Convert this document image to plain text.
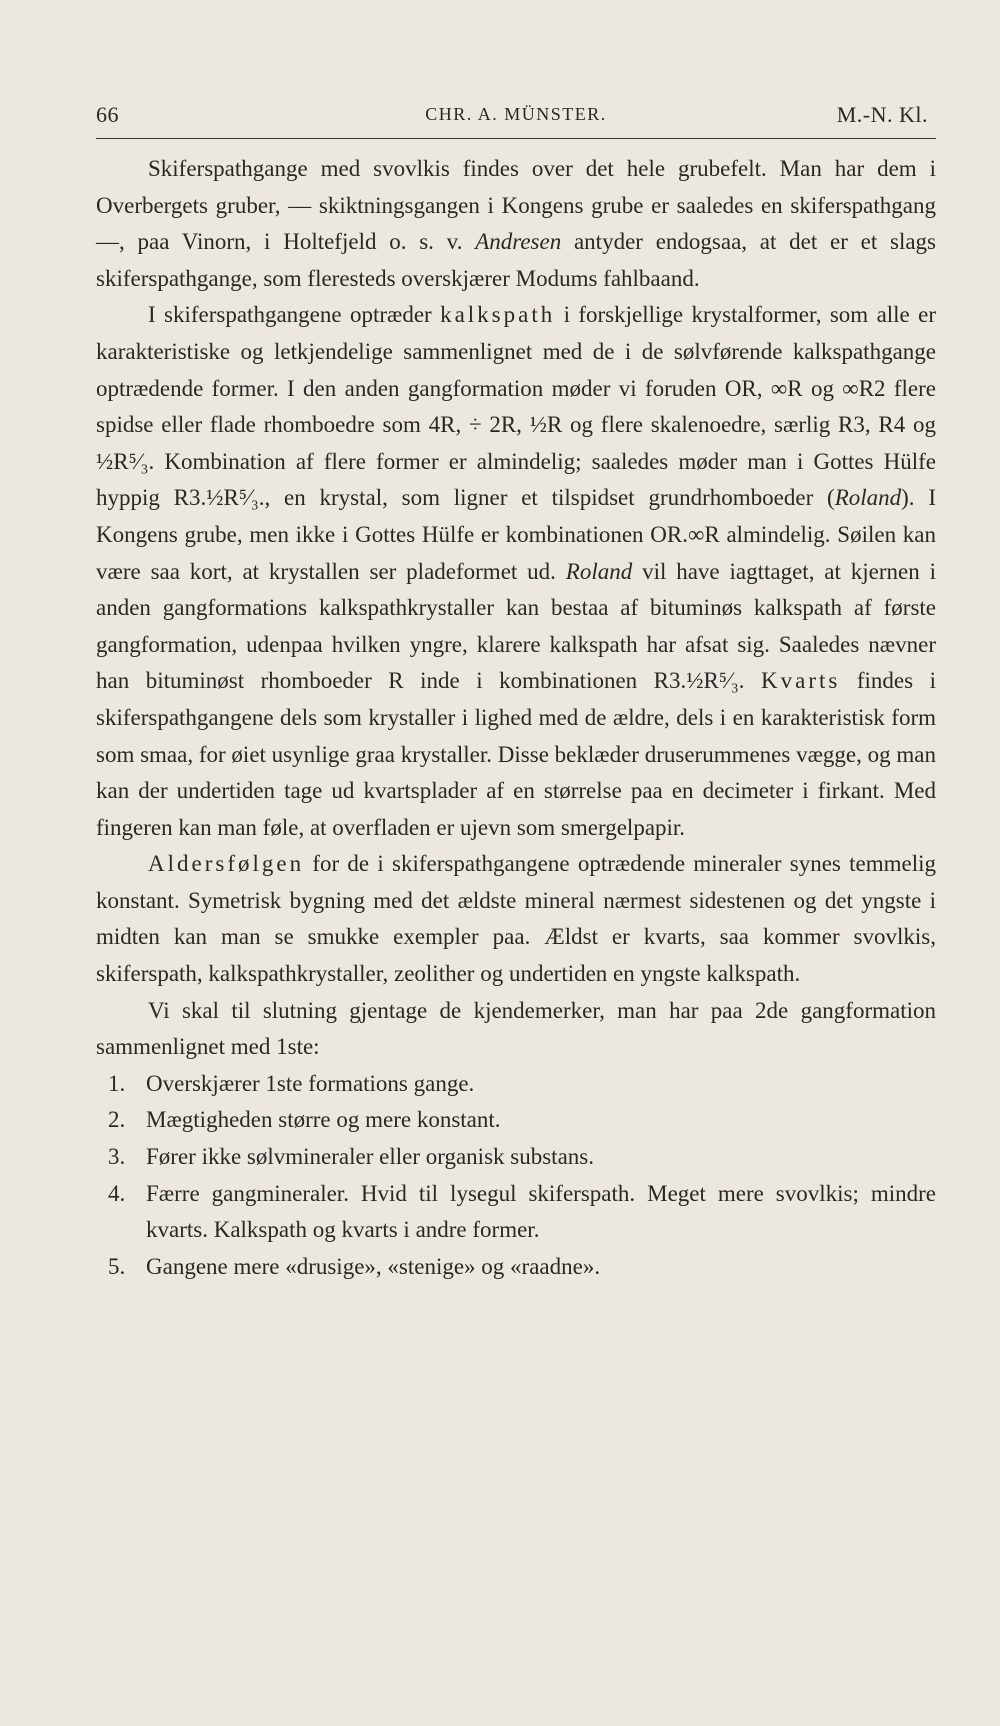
66	CHR. A. MÜNSTER.	M.-N. Kl.

Skiferspathgange med svovlkis findes over det hele grubefelt. Man har dem i Overbergets gruber, — skiktningsgangen i Kongens grube er saaledes en skiferspathgang —, paa Vinorn, i Holtefjeld o. s. v. Andresen antyder endogsaa, at det er et slags skiferspathgange, som fleresteds overskjærer Modums fahlbaand.

I skiferspathgangene optræder kalkspath i forskjellige krystalformer, som alle er karakteristiske og letkjendelige sammenlignet med de i de sølvførende kalkspathgange optrædende former. I den anden gangformation møder vi foruden OR, ∞R og ∞R2 flere spidse eller flade rhomboedre som 4R, ÷ 2R, ½R og flere skalenoedre, særlig R3, R4 og ½R⁵⁄₃. Kombination af flere former er almindelig; saaledes møder man i Gottes Hülfe hyppig R3.½R⁵⁄₃., en krystal, som ligner et tilspidset grundrhomboeder (Roland). I Kongens grube, men ikke i Gottes Hülfe er kombinationen OR.∞R almindelig. Søilen kan være saa kort, at krystallen ser pladeformet ud. Roland vil have iagttaget, at kjernen i anden gangformations kalkspathkrystaller kan bestaa af bituminøs kalkspath af første gangformation, udenpaa hvilken yngre, klarere kalkspath har afsat sig. Saaledes nævner han bituminøst rhomboeder R inde i kombinationen R3.½R⁵⁄₃. Kvarts findes i skiferspathgangene dels som krystaller i lighed med de ældre, dels i en karakteristisk form som smaa, for øiet usynlige graa krystaller. Disse beklæder druserummenes vægge, og man kan der undertiden tage ud kvartsplader af en størrelse paa en decimeter i firkant. Med fingeren kan man føle, at overfladen er ujevn som smergelpapir.

Aldersfølgen for de i skiferspathgangene optrædende mineraler synes temmelig konstant. Symetrisk bygning med det ældste mineral nærmest sidestenen og det yngste i midten kan man se smukke exempler paa. Ældst er kvarts, saa kommer svovlkis, skiferspath, kalkspathkrystaller, zeolither og undertiden en yngste kalkspath.

Vi skal til slutning gjentage de kjendemerker, man har paa 2de gangformation sammenlignet med 1ste:

1. Overskjærer 1ste formations gange.
2. Mægtigheden større og mere konstant.
3. Fører ikke sølvmineraler eller organisk substans.
4. Færre gangmineraler. Hvid til lysegul skiferspath. Meget mere svovlkis; mindre kvarts. Kalkspath og kvarts i andre former.
5. Gangene mere «drusige», «stenige» og «raadne».
